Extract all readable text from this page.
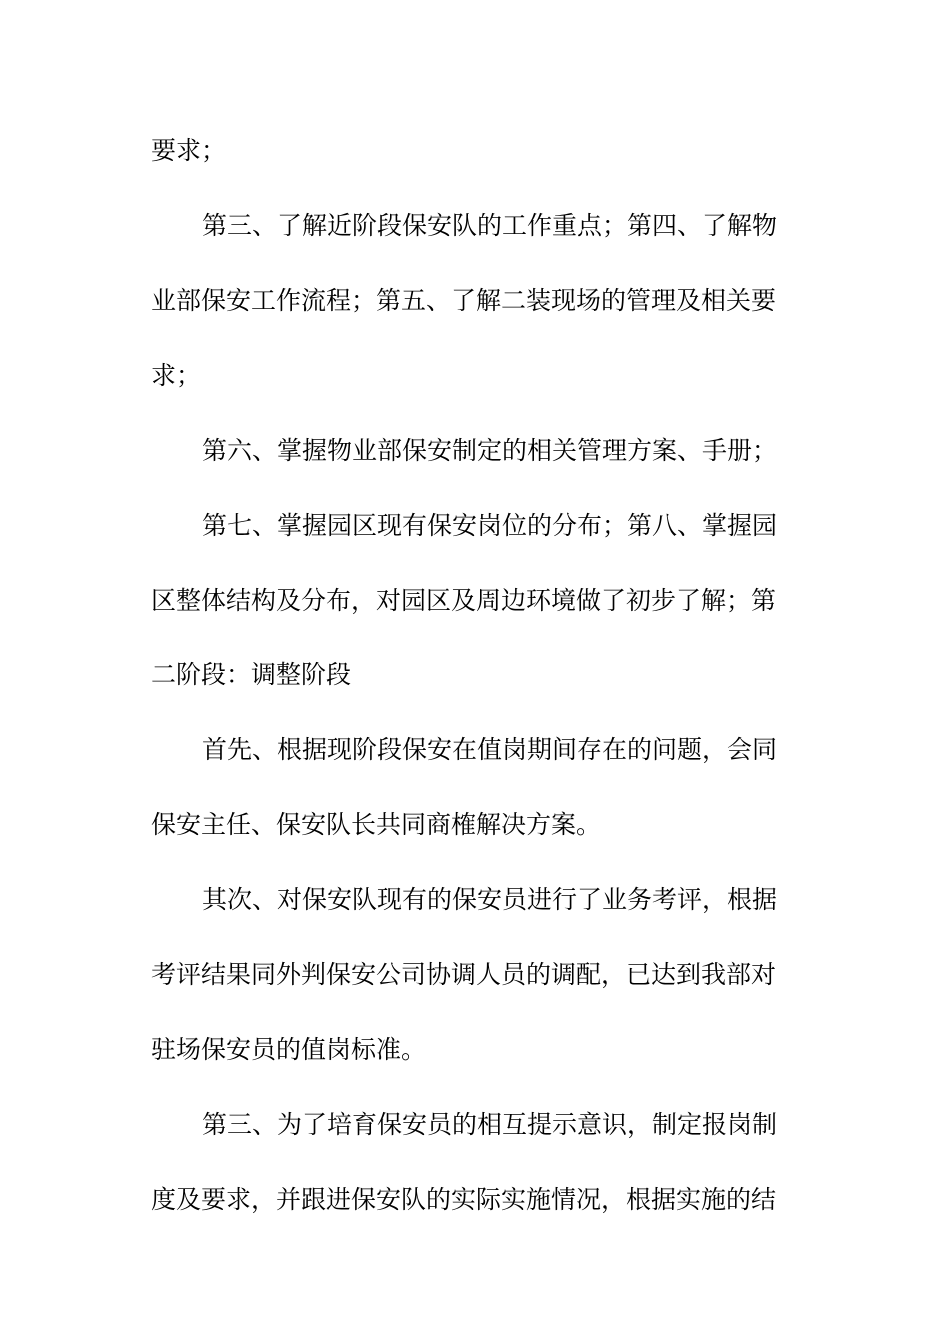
要求；
第三、了解近阶段保安队的工作重点；第四、了解物
业部保安工作流程；第五、了解二装现场的管理及相关要
求；
第六、掌握物业部保安制定的相关管理方案、手册；
第七、掌握园区现有保安岗位的分布；第八、掌握园
区整体结构及分布，对园区及周边环境做了初步了解；第
二阶段：调整阶段
首先、根据现阶段保安在值岗期间存在的问题，会同
保安主任、保安队长共同商榷解决方案。
其次、对保安队现有的保安员进行了业务考评，根据
考评结果同外判保安公司协调人员的调配，已达到我部对
驻场保安员的值岗标准。
第三、为了培育保安员的相互提示意识，制定报岗制
度及要求，并跟进保安队的实际实施情况，根据实施的结
